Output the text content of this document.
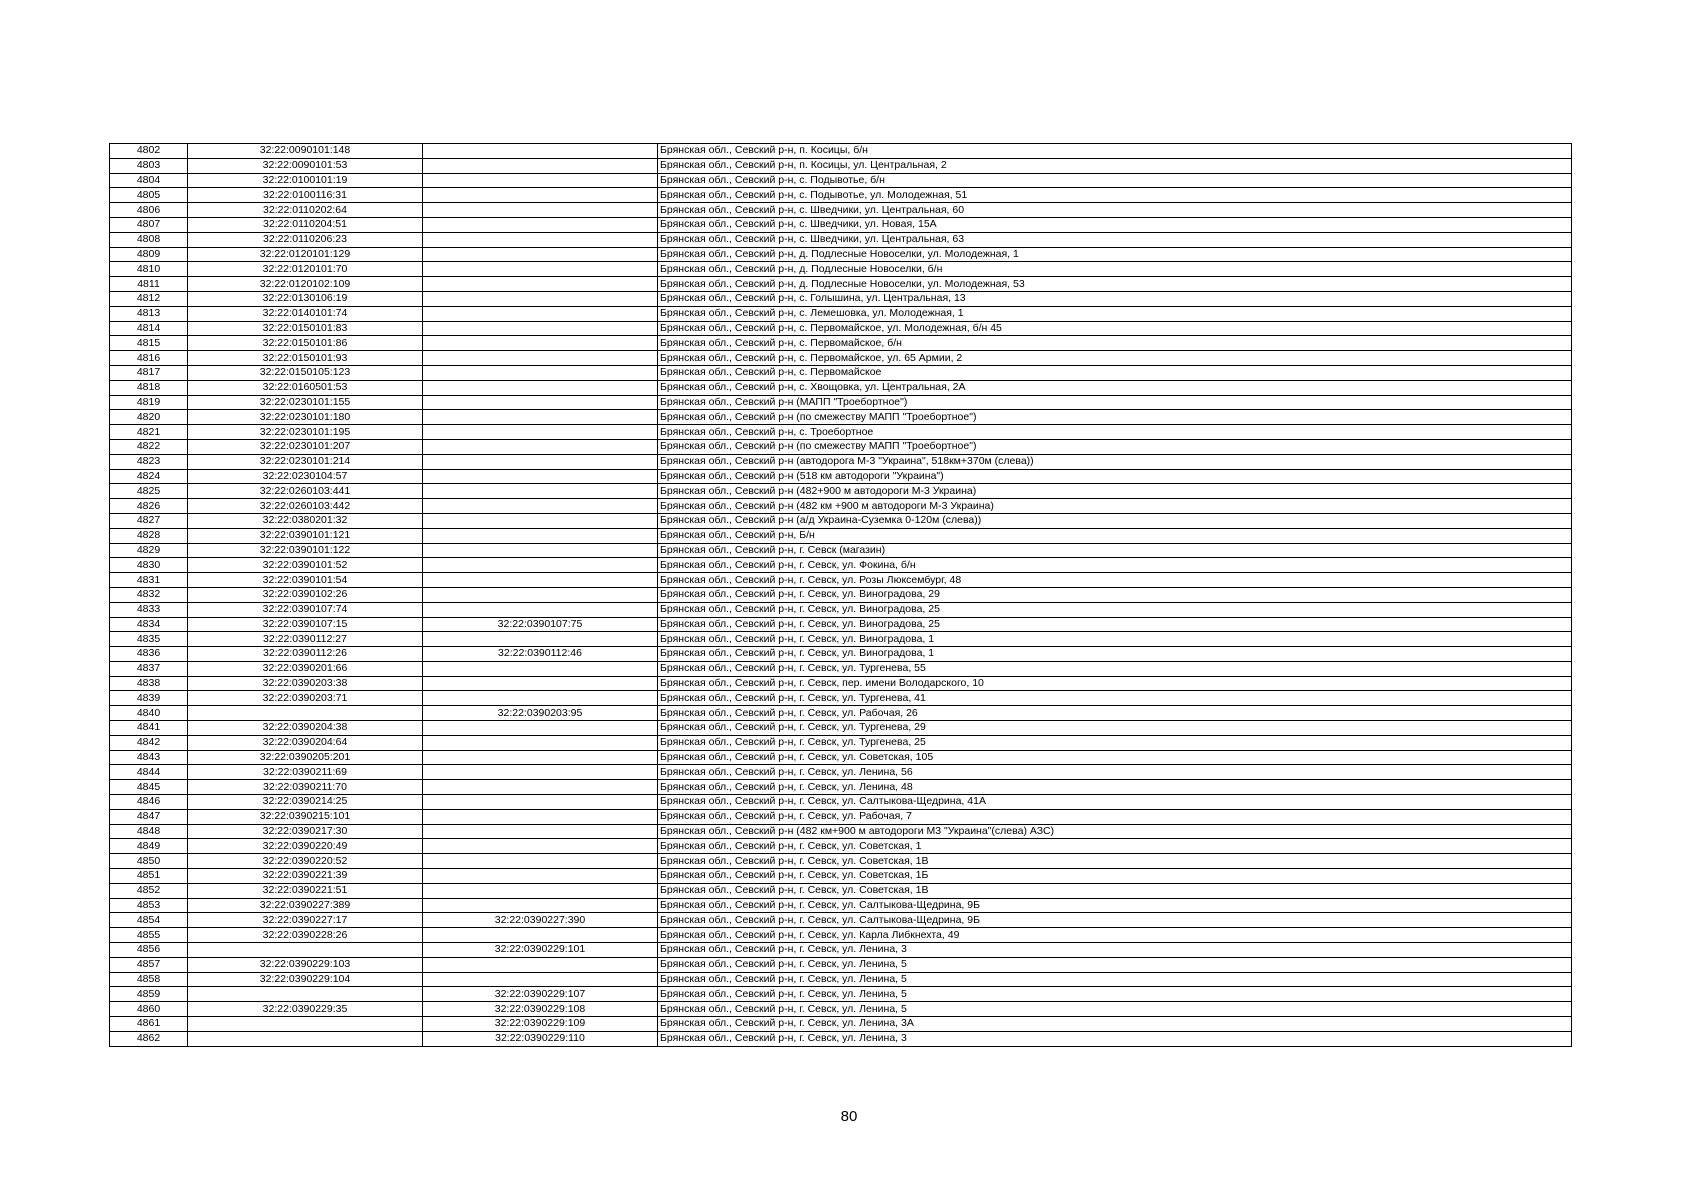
4802	32:22:0090101:148		Брянская обл., Севский р-н, п. Косицы, б/н
4803	32:22:0090101:53		Брянская обл., Севский р-н, п. Косицы, ул. Центральная, 2
4804	32:22:0100101:19		Брянская обл., Севский р-н, с. Подывотье, б/н
4805	32:22:0100116:31		Брянская обл., Севский р-н, с. Подывотье, ул. Молодежная, 51
4806	32:22:0110202:64		Брянская обл., Севский р-н, с. Шведчики, ул. Центральная, 60
4807	32:22:0110204:51		Брянская обл., Севский р-н, с. Шведчики, ул. Новая, 15А
4808	32:22:0110206:23		Брянская обл., Севский р-н, с. Шведчики, ул. Центральная, 63
4809	32:22:0120101:129		Брянская обл., Севский р-н, д. Подлесные Новоселки, ул. Молодежная, 1
4810	32:22:0120101:70		Брянская обл., Севский р-н, д. Подлесные Новоселки, б/н
4811	32:22:0120102:109		Брянская обл., Севский р-н, д. Подлесные Новоселки, ул. Молодежная, 53
4812	32:22:0130106:19		Брянская обл., Севский р-н, с. Голышина, ул. Центральная, 13
4813	32:22:0140101:74		Брянская обл., Севский р-н, с. Лемешовка, ул. Молодежная, 1
4814	32:22:0150101:83		Брянская обл., Севский р-н, с. Первомайское, ул. Молодежная, б/н 45
4815	32:22:0150101:86		Брянская обл., Севский р-н, с. Первомайское, б/н
4816	32:22:0150101:93		Брянская обл., Севский р-н, с. Первомайское, ул. 65 Армии, 2
4817	32:22:0150105:123		Брянская обл., Севский р-н, с. Первомайское
4818	32:22:0160501:53		Брянская обл., Севский р-н, с. Хвощовка, ул. Центральная, 2А
4819	32:22:0230101:155		Брянская обл., Севский р-н (МАПП "Троебортное")
4820	32:22:0230101:180		Брянская обл., Севский р-н (по смежеству МАПП "Троебортное")
4821	32:22:0230101:195		Брянская обл., Севский р-н, с. Троебортное
4822	32:22:0230101:207		Брянская обл., Севский р-н (по смежеству МАПП "Троебортное")
4823	32:22:0230101:214		Брянская обл., Севский р-н (автодорога М-3 "Украина", 518км+370м (слева))
4824	32:22:0230104:57		Брянская обл., Севский р-н (518 км автодороги "Украина")
4825	32:22:0260103:441		Брянская обл., Севский р-н (482+900 м автодороги М-3 Украина)
4826	32:22:0260103:442		Брянская обл., Севский р-н (482 км +900 м автодороги М-3 Украина)
4827	32:22:0380201:32		Брянская обл., Севский р-н (а/д Украина-Суземка 0-120м (слева))
4828	32:22:0390101:121		Брянская обл., Севский р-н, Б/н
4829	32:22:0390101:122		Брянская обл., Севский р-н, г. Севск (магазин)
4830	32:22:0390101:52		Брянская обл., Севский р-н, г. Севск, ул. Фокина, б/н
4831	32:22:0390101:54		Брянская обл., Севский р-н, г. Севск, ул. Розы Люксембург, 48
4832	32:22:0390102:26		Брянская обл., Севский р-н, г. Севск, ул. Виноградова, 29
4833	32:22:0390107:74		Брянская обл., Севский р-н, г. Севск, ул. Виноградова, 25
4834	32:22:0390107:15	32:22:0390107:75	Брянская обл., Севский р-н, г. Севск, ул. Виноградова, 25
4835	32:22:0390112:27		Брянская обл., Севский р-н, г. Севск, ул. Виноградова, 1
4836	32:22:0390112:26	32:22:0390112:46	Брянская обл., Севский р-н, г. Севск, ул. Виноградова, 1
4837	32:22:0390201:66		Брянская обл., Севский р-н, г. Севск, ул. Тургенева, 55
4838	32:22:0390203:38		Брянская обл., Севский р-н, г. Севск, пер. имени Володарского, 10
4839	32:22:0390203:71		Брянская обл., Севский р-н, г. Севск, ул. Тургенева, 41
4840		32:22:0390203:95	Брянская обл., Севский р-н, г. Севск, ул. Рабочая, 26
4841	32:22:0390204:38		Брянская обл., Севский р-н, г. Севск, ул. Тургенева, 29
4842	32:22:0390204:64		Брянская обл., Севский р-н, г. Севск, ул. Тургенева, 25
4843	32:22:0390205:201		Брянская обл., Севский р-н, г. Севск, ул. Советская, 105
4844	32:22:0390211:69		Брянская обл., Севский р-н, г. Севск, ул. Ленина, 56
4845	32:22:0390211:70		Брянская обл., Севский р-н, г. Севск, ул. Ленина, 48
4846	32:22:0390214:25		Брянская обл., Севский р-н, г. Севск, ул. Салтыкова-Щедрина, 41А
4847	32:22:0390215:101		Брянская обл., Севский р-н, г. Севск, ул. Рабочая, 7
4848	32:22:0390217:30		Брянская обл., Севский р-н (482 км+900 м автодороги М3 "Украина"(слева) АЗС)
4849	32:22:0390220:49		Брянская обл., Севский р-н, г. Севск, ул. Советская, 1
4850	32:22:0390220:52		Брянская обл., Севский р-н, г. Севск, ул. Советская, 1В
4851	32:22:0390221:39		Брянская обл., Севский р-н, г. Севск, ул. Советская, 1Б
4852	32:22:0390221:51		Брянская обл., Севский р-н, г. Севск, ул. Советская, 1В
4853	32:22:0390227:389		Брянская обл., Севский р-н, г. Севск, ул. Салтыкова-Щедрина, 9Б
4854	32:22:0390227:17	32:22:0390227:390	Брянская обл., Севский р-н, г. Севск, ул. Салтыкова-Щедрина, 9Б
4855	32:22:0390228:26		Брянская обл., Севский р-н, г. Севск, ул. Карла Либкнехта, 49
4856		32:22:0390229:101	Брянская обл., Севский р-н, г. Севск, ул. Ленина, 3
4857	32:22:0390229:103		Брянская обл., Севский р-н, г. Севск, ул. Ленина, 5
4858	32:22:0390229:104		Брянская обл., Севский р-н, г. Севск, ул. Ленина, 5
4859		32:22:0390229:107	Брянская обл., Севский р-н, г. Севск, ул. Ленина, 5
4860	32:22:0390229:35	32:22:0390229:108	Брянская обл., Севский р-н, г. Севск, ул. Ленина, 5
4861		32:22:0390229:109	Брянская обл., Севский р-н, г. Севск, ул. Ленина, 3А
4862		32:22:0390229:110	Брянская обл., Севский р-н, г. Севск, ул. Ленина, 3
80
